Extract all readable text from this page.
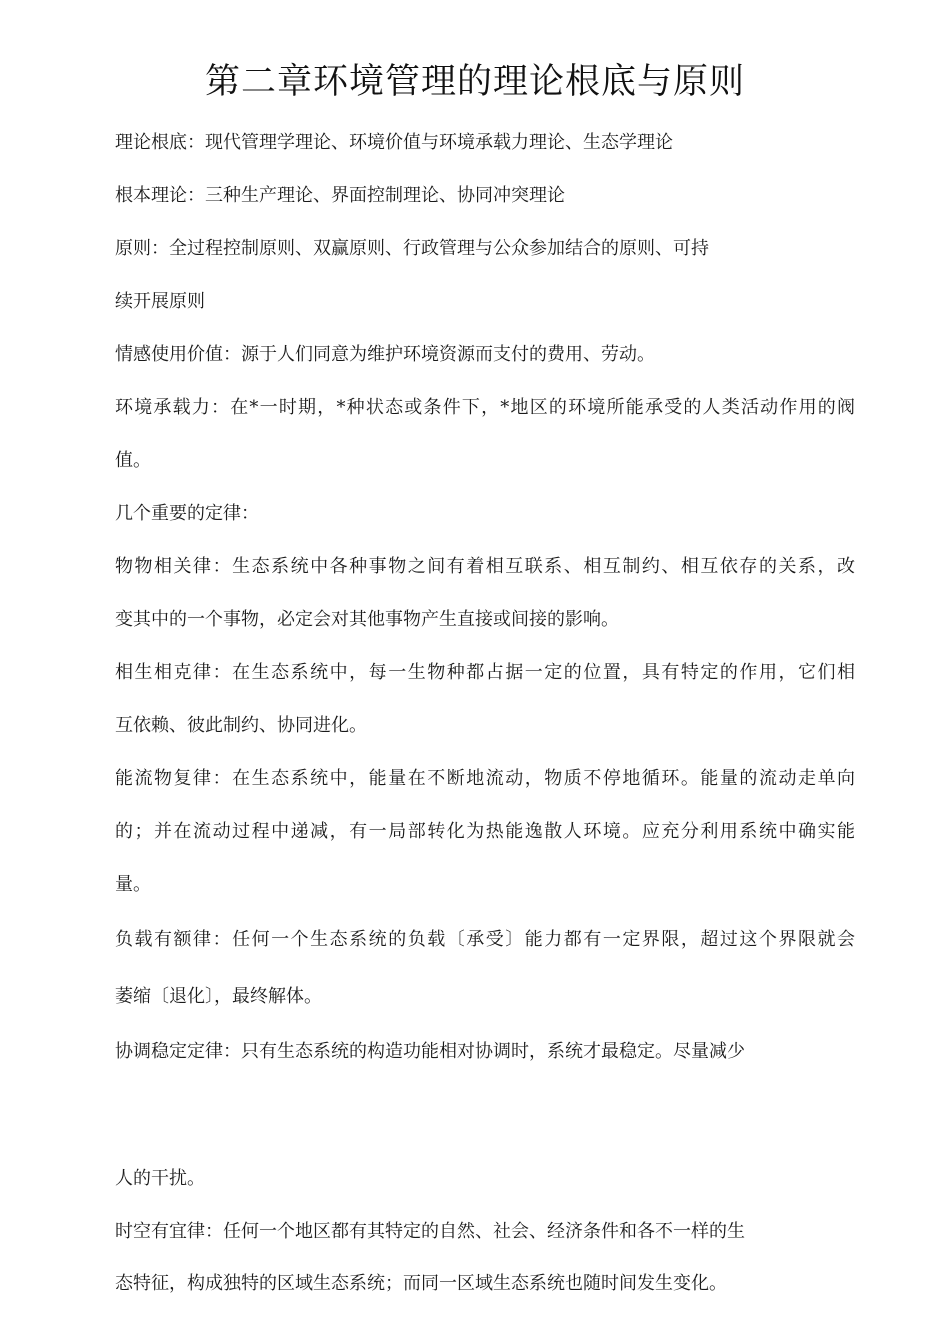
第二章环境管理的理论根底与原则
理论根底：现代管理学理论、环境价值与环境承载力理论、生态学理论
根本理论：三种生产理论、界面控制理论、协同冲突理论
原则：全过程控制原则、双赢原则、行政管理与公众参加结合的原则、可持
续开展原则
情感使用价值：源于人们同意为维护环境资源而支付的费用、劳动。
环境承载力：在*一时期，*种状态或条件下，*地区的环境所能承受的人类活动作用的阀
值。
几个重要的定律：
物物相关律：生态系统中各种事物之间有着相互联系、相互制约、相互依存的关系，改
变其中的一个事物，必定会对其他事物产生直接或间接的影响。
相生相克律：在生态系统中，每一生物种都占据一定的位置，具有特定的作用，它们相
互依赖、彼此制约、协同进化。
能流物复律：在生态系统中，能量在不断地流动，物质不停地循环。能量的流动走单向
的；并在流动过程中递减，有一局部转化为热能逸散人环境。应充分利用系统中确实能
量。
负载有额律：任何一个生态系统的负载〔承受〕能力都有一定界限，超过这个界限就会
萎缩〔退化〕，最终解体。
协调稳定定律：只有生态系统的构造功能相对协调时，系统才最稳定。尽量减少
人的干扰。
时空有宜律：任何一个地区都有其特定的自然、社会、经济条件和各不一样的生
态特征，构成独特的区域生态系统；而同一区域生态系统也随时间发生变化。
